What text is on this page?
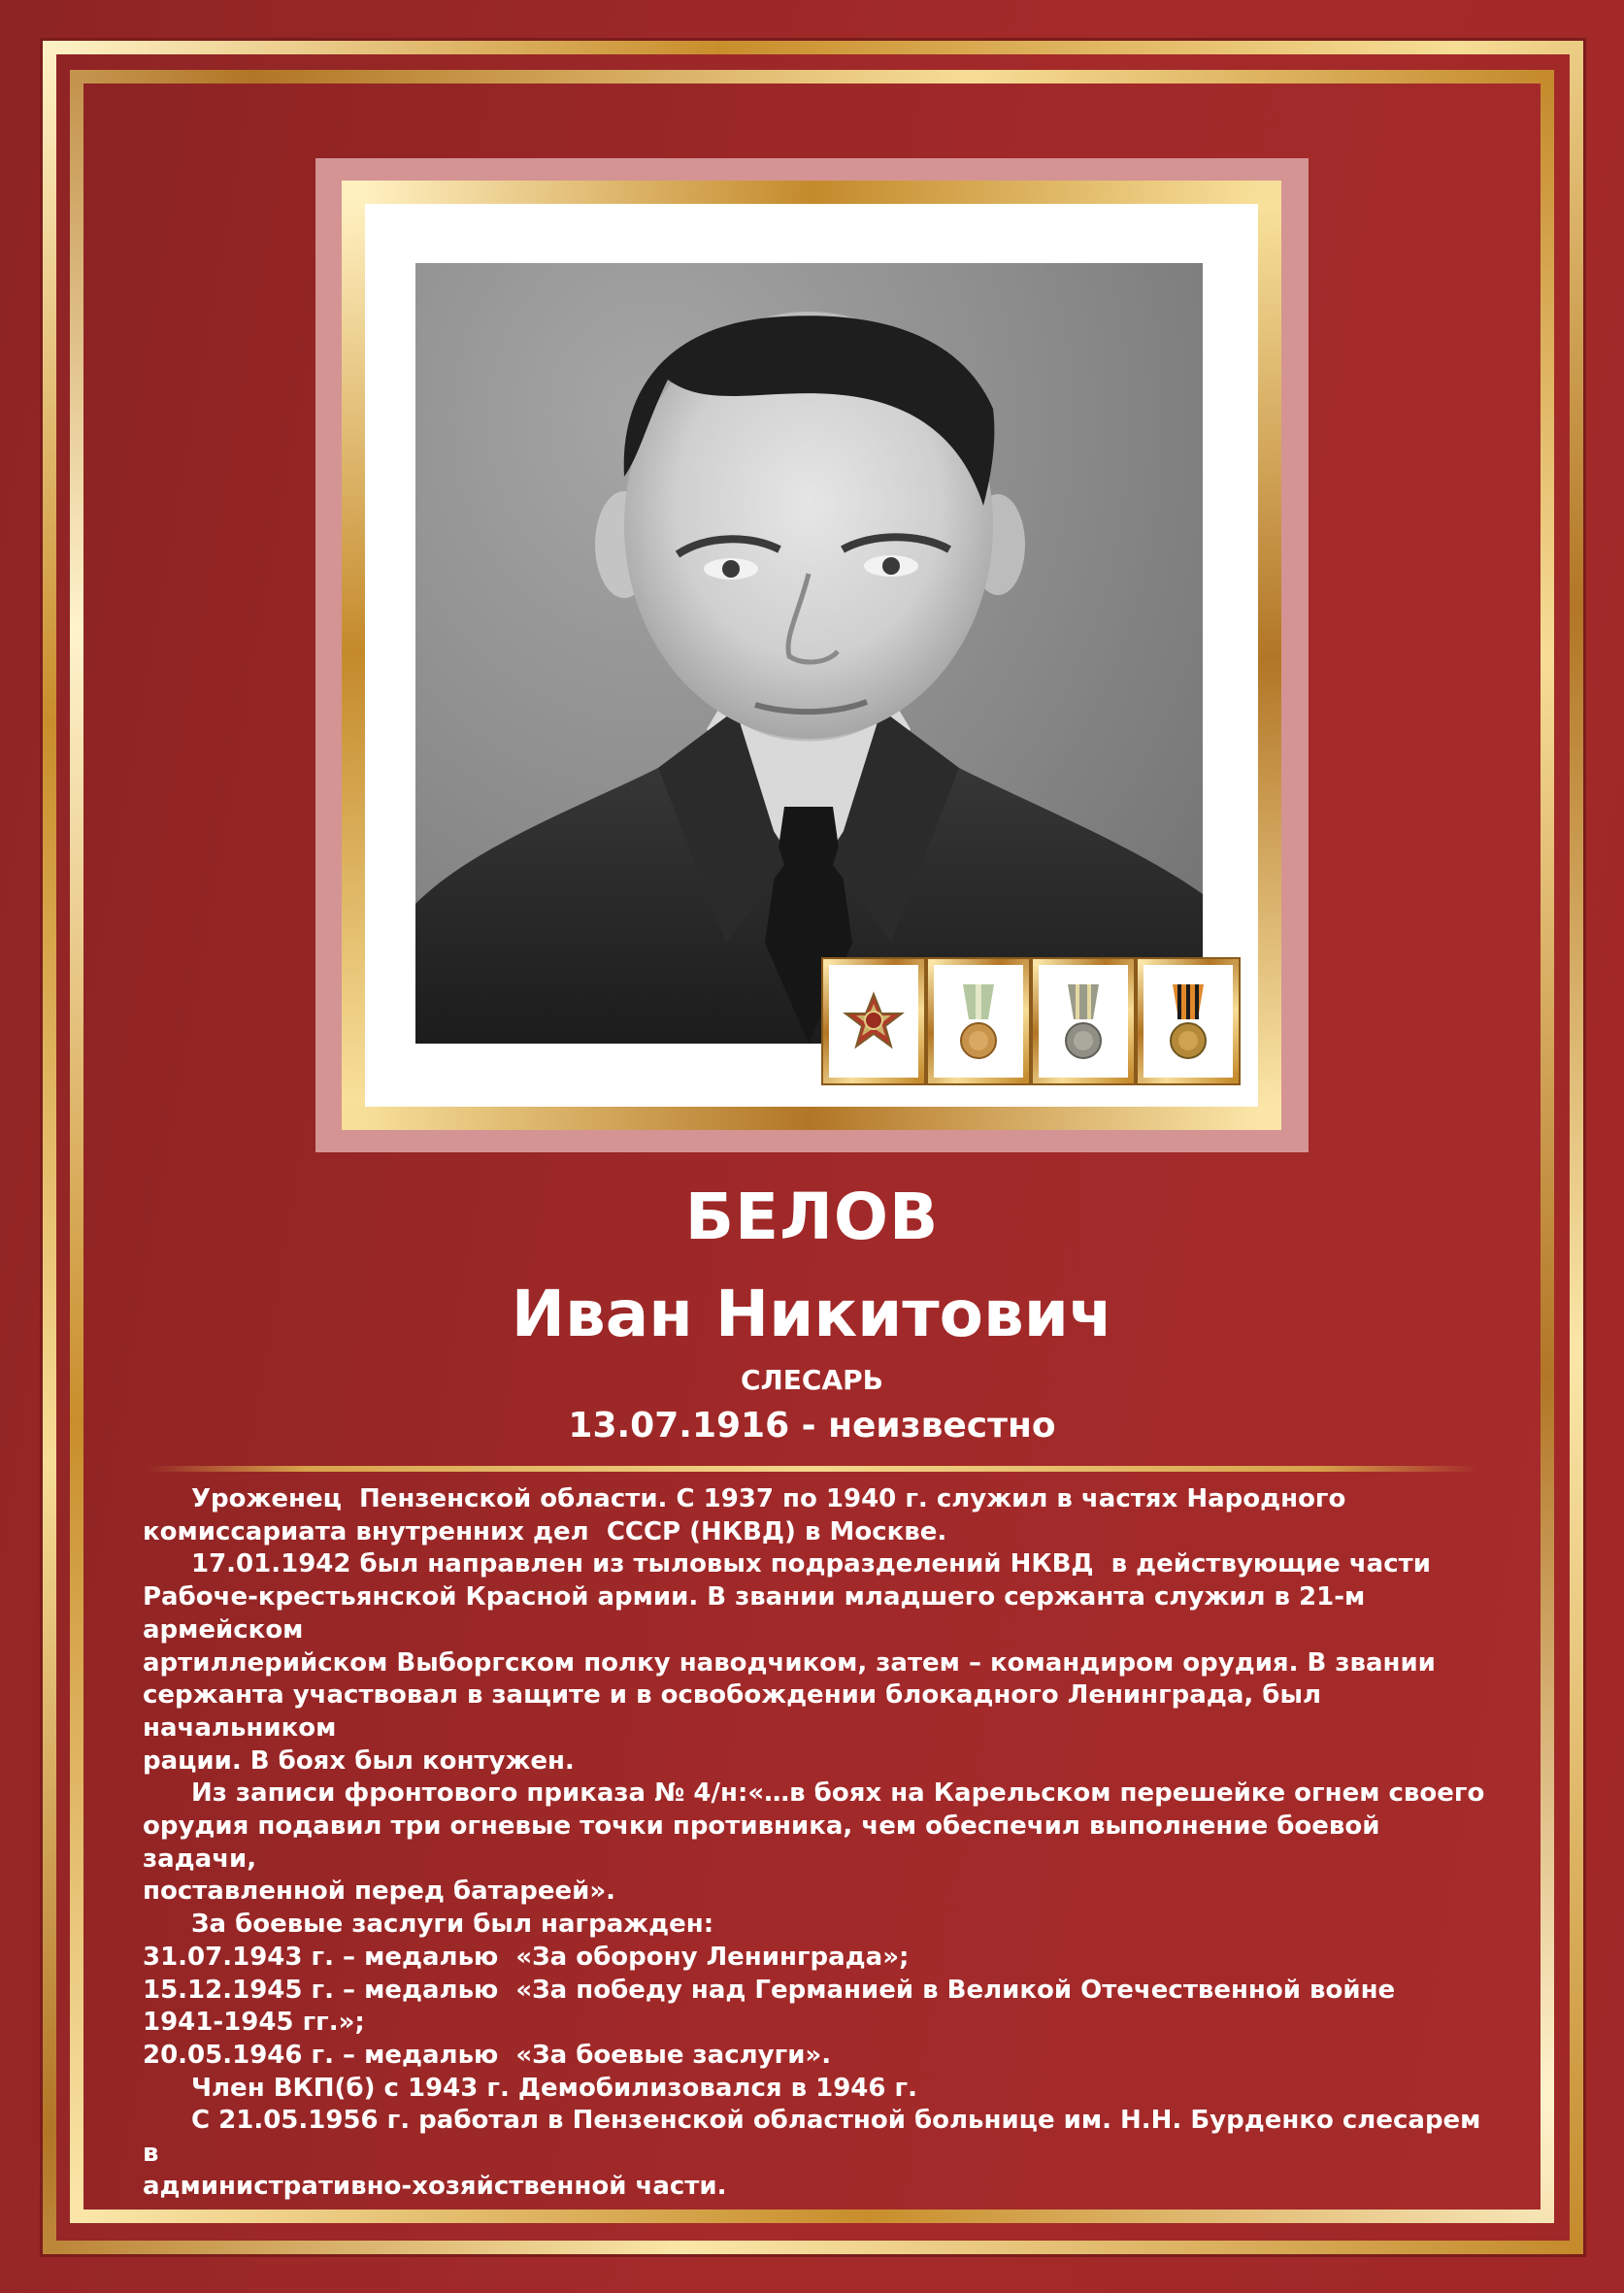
БЕЛОВ
Иван Никитович
СЛЕСАРЬ
13.07.1916 - неизвестно

Уроженец  Пензенской области. С 1937 по 1940 г. служил в частях Народного

комиссариата внутренних дел  СССР (НКВД) в Москве.

17.01.1942 был направлен из тыловых подразделений НКВД  в действующие части

Рабоче-крестьянской Красной армии. В звании младшего сержанта служил в 21-м армейском

артиллерийском Выборгском полку наводчиком, затем – командиром орудия. В звании

сержанта участвовал в защите и в освобождении блокадного Ленинграда, был начальником

рации. В боях был контужен.

Из записи фронтового приказа № 4/н:«…в боях на Карельском перешейке огнем своего

орудия подавил три огневые точки противника, чем обеспечил выполнение боевой задачи,

поставленной перед батареей».

За боевые заслуги был награжден:

31.07.1943 г. – медалью  «За оборону Ленинграда»;

15.12.1945 г. – медалью  «За победу над Германией в Великой Отечественной войне

1941-1945 гг.»;

20.05.1946 г. – медалью  «За боевые заслуги».

Член ВКП(б) с 1943 г. Демобилизовался в 1946 г.

С 21.05.1956 г. работал в Пензенской областной больнице им. Н.Н. Бурденко слесарем в

административно-хозяйственной части.
